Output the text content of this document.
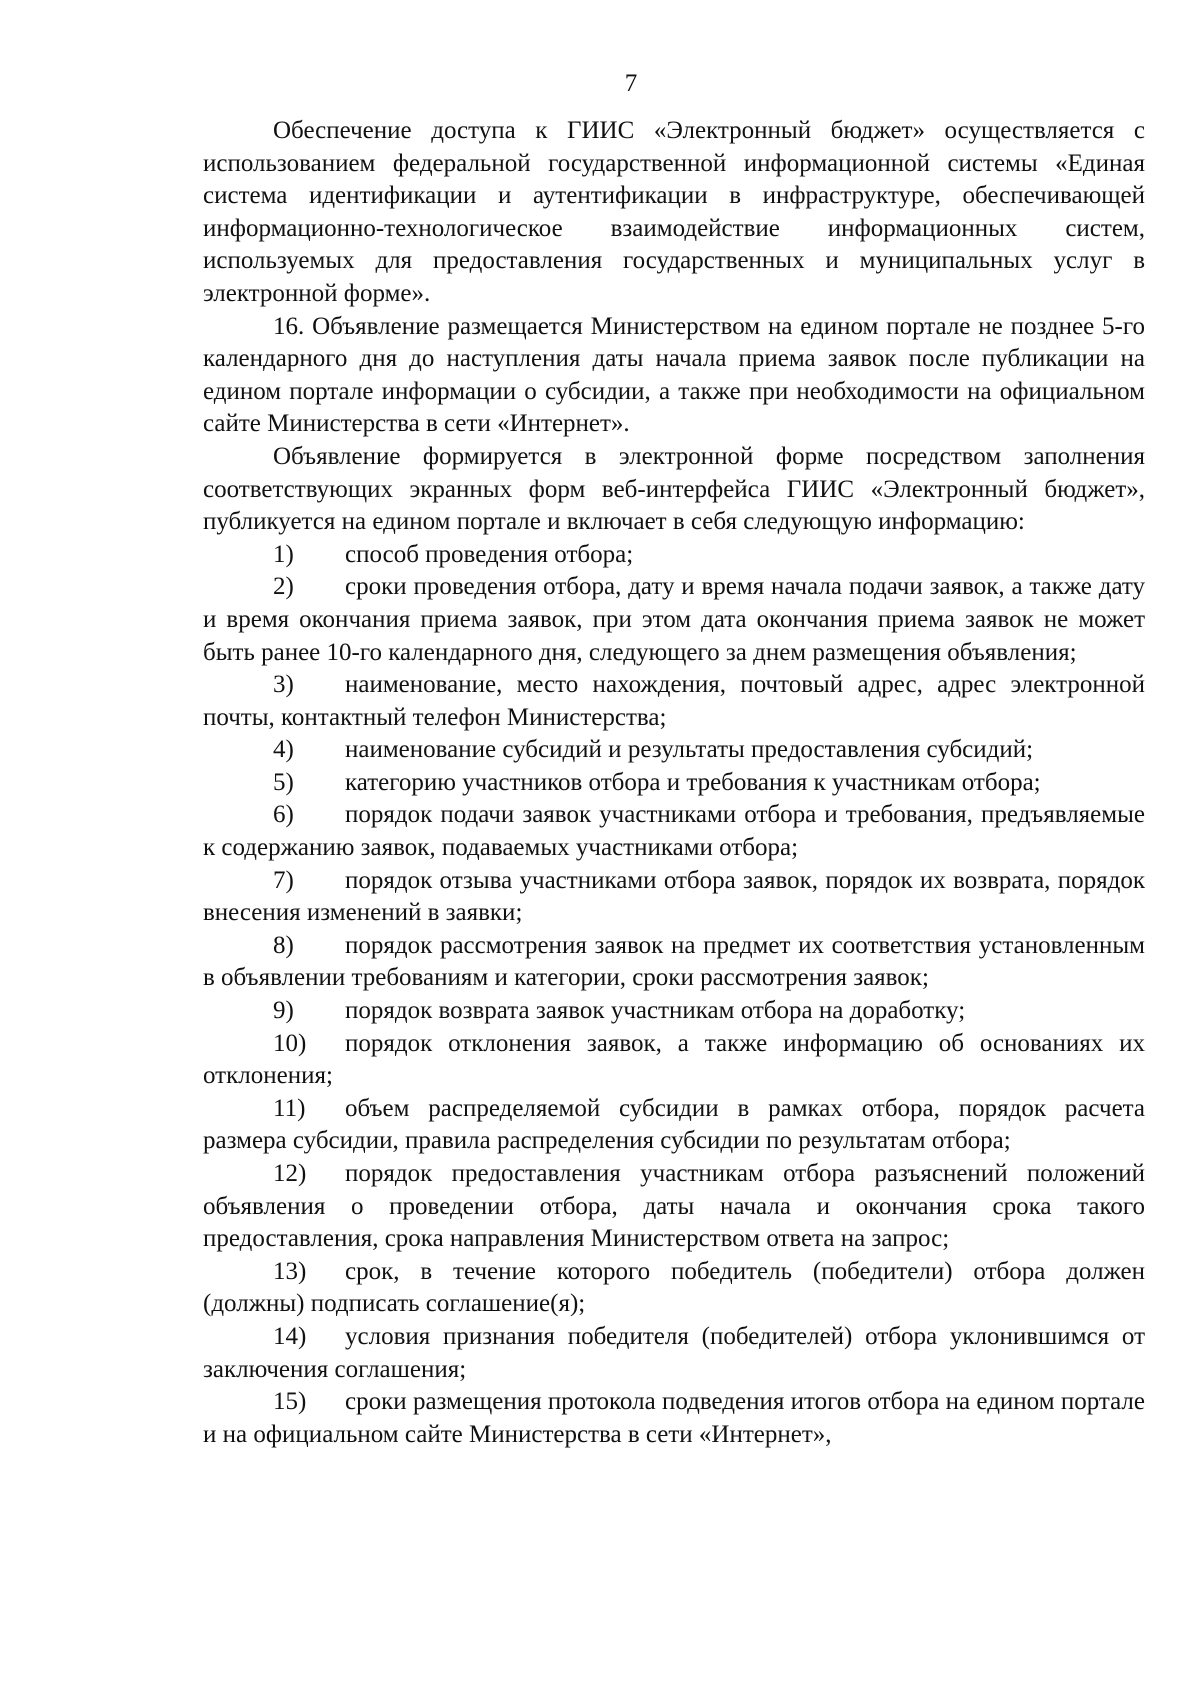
7

Обеспечение доступа к ГИИС «Электронный бюджет» осуществляется с использованием федеральной государственной информационной системы «Единая система идентификации и аутентификации в инфраструктуре, обеспечивающей информационно-технологическое взаимодействие информационных систем, используемых для предоставления государственных и муниципальных услуг в электронной форме».

16. Объявление размещается Министерством на едином портале не позднее 5-го календарного дня до наступления даты начала приема заявок после публикации на едином портале информации о субсидии, а также при необходимости на официальном сайте Министерства в сети «Интернет».

Объявление формируется в электронной форме посредством заполнения соответствующих экранных форм веб-интерфейса ГИИС «Электронный бюджет», публикуется на едином портале и включает в себя следующую информацию:

1) способ проведения отбора;

2) сроки проведения отбора, дату и время начала подачи заявок, а также дату и время окончания приема заявок, при этом дата окончания приема заявок не может быть ранее 10-го календарного дня, следующего за днем размещения объявления;

3) наименование, место нахождения, почтовый адрес, адрес электронной почты, контактный телефон Министерства;

4) наименование субсидий и результаты предоставления субсидий;

5) категорию участников отбора и требования к участникам отбора;

6) порядок подачи заявок участниками отбора и требования, предъявляемые к содержанию заявок, подаваемых участниками отбора;

7) порядок отзыва участниками отбора заявок, порядок их возврата, порядок внесения изменений в заявки;

8) порядок рассмотрения заявок на предмет их соответствия установленным в объявлении требованиям и категории, сроки рассмотрения заявок;

9) порядок возврата заявок участникам отбора на доработку;

10) порядок отклонения заявок, а также информацию об основаниях их отклонения;

11) объем распределяемой субсидии в рамках отбора, порядок расчета размера субсидии, правила распределения субсидии по результатам отбора;

12) порядок предоставления участникам отбора разъяснений положений объявления о проведении отбора, даты начала и окончания срока такого предоставления, срока направления Министерством ответа на запрос;

13) срок, в течение которого победитель (победители) отбора должен (должны) подписать соглашение(я);

14) условия признания победителя (победителей) отбора уклонившимся от заключения соглашения;

15) сроки размещения протокола подведения итогов отбора на едином портале и на официальном сайте Министерства в сети «Интернет»,
